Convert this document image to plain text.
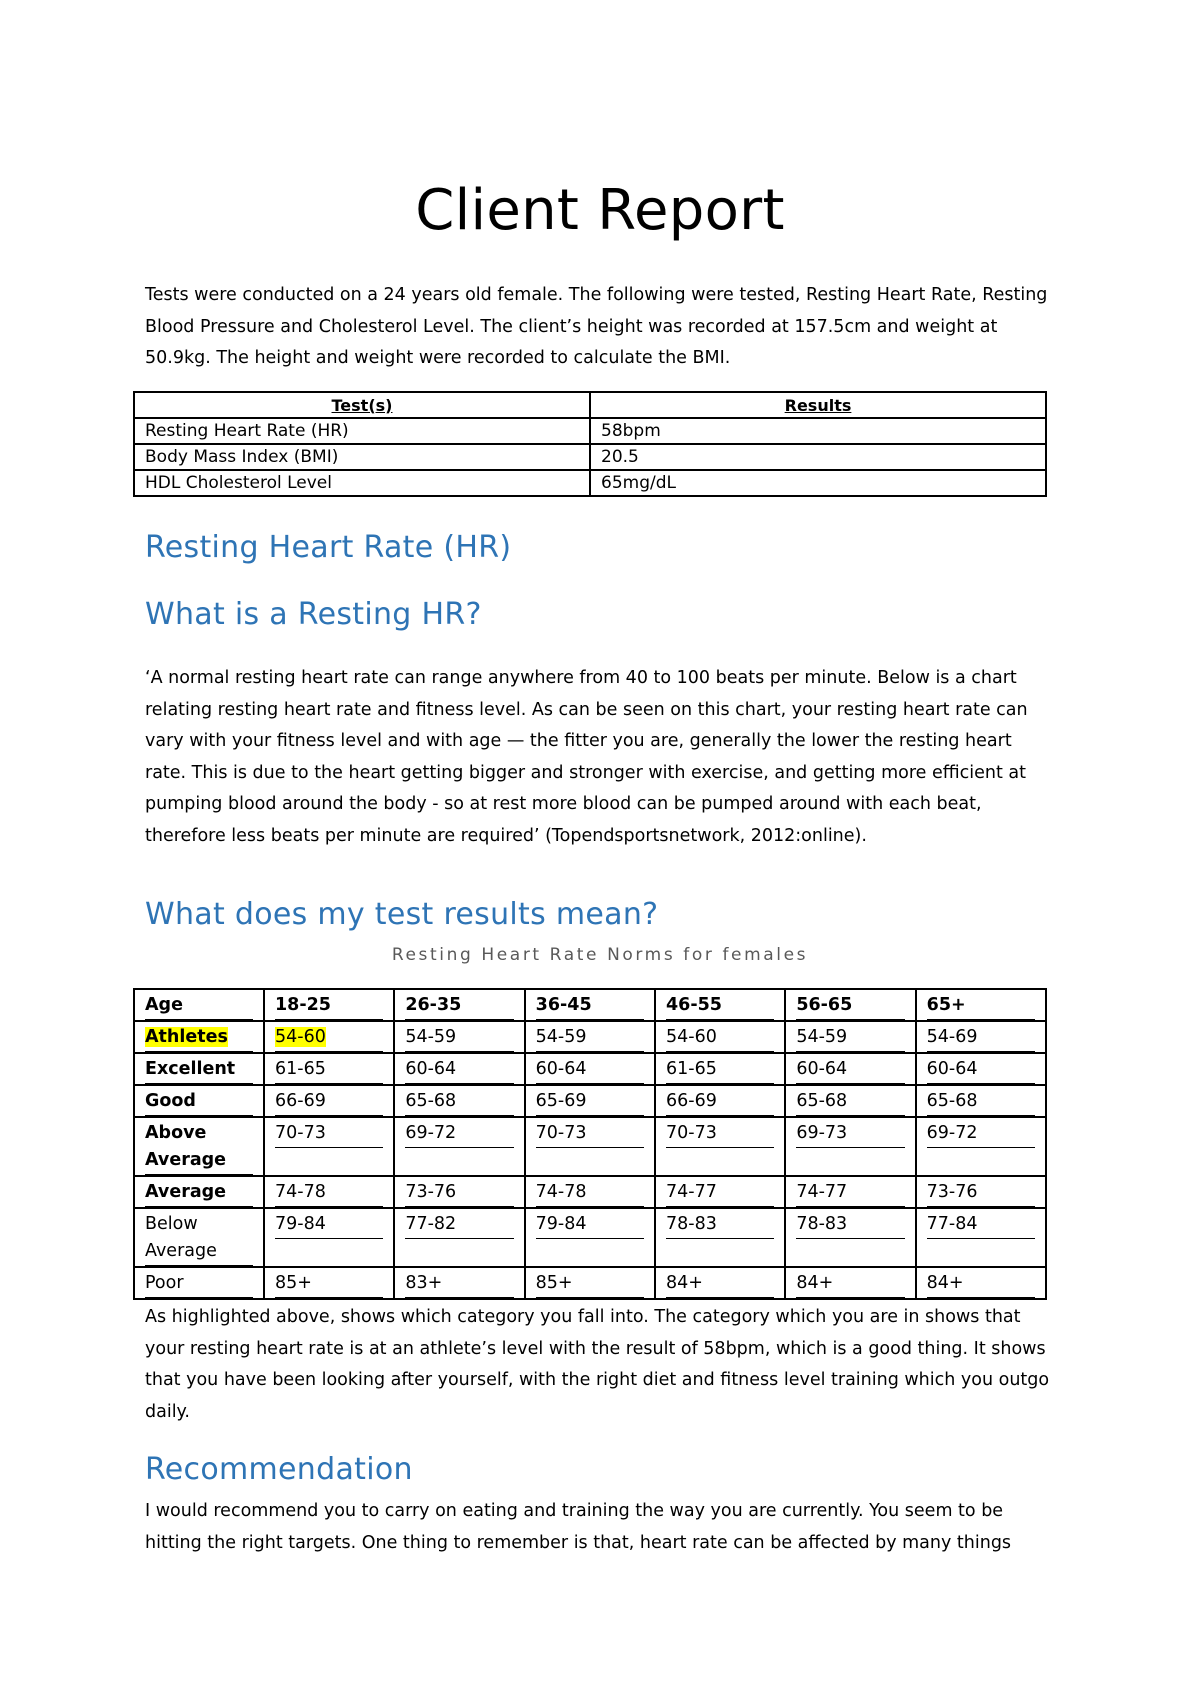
Client Report

Tests were conducted on a 24 years old female. The following were tested, Resting Heart Rate, Resting Blood Pressure and Cholesterol Level. The client’s height was recorded at 157.5cm and weight at 50.9kg. The height and weight were recorded to calculate the BMI.

Test(s)	Results
Resting Heart Rate (HR)	58bpm
Body Mass Index (BMI)	20.5
HDL Cholesterol Level	65mg/dL
Resting Heart Rate (HR)
What is a Resting HR?

‘A normal resting heart rate can range anywhere from 40 to 100 beats per minute. Below is a chart relating resting heart rate and fitness level. As can be seen on this chart, your resting heart rate can vary with your fitness level and with age — the fitter you are, generally the lower the resting heart rate. This is due to the heart getting bigger and stronger with exercise, and getting more efficient at pumping blood around the body - so at rest more blood can be pumped around with each beat, therefore less beats per minute are required’ (Topendsportsnetwork, 2012:online).

What does my test results mean?
Resting Heart Rate Norms for females
Age	18-25	26-35	36-45	46-55	56-65	65+
Athletes	54-60	54-59	54-59	54-60	54-59	54-69
Excellent	61-65	60-64	60-64	61-65	60-64	60-64
Good	66-69	65-68	65-69	66-69	65-68	65-68
Above Average	70-73	69-72	70-73	70-73	69-73	69-72
Average	74-78	73-76	74-78	74-77	74-77	73-76
Below Average	79-84	77-82	79-84	78-83	78-83	77-84
Poor	85+	83+	85+	84+	84+	84+

As highlighted above, shows which category you fall into. The category which you are in shows that your resting heart rate is at an athlete’s level with the result of 58bpm, which is a good thing. It shows that you have been looking after yourself, with the right diet and fitness level training which you outgo daily.

Recommendation

I would recommend you to carry on eating and training the way you are currently. You seem to be hitting the right targets. One thing to remember is that, heart rate can be affected by many things
